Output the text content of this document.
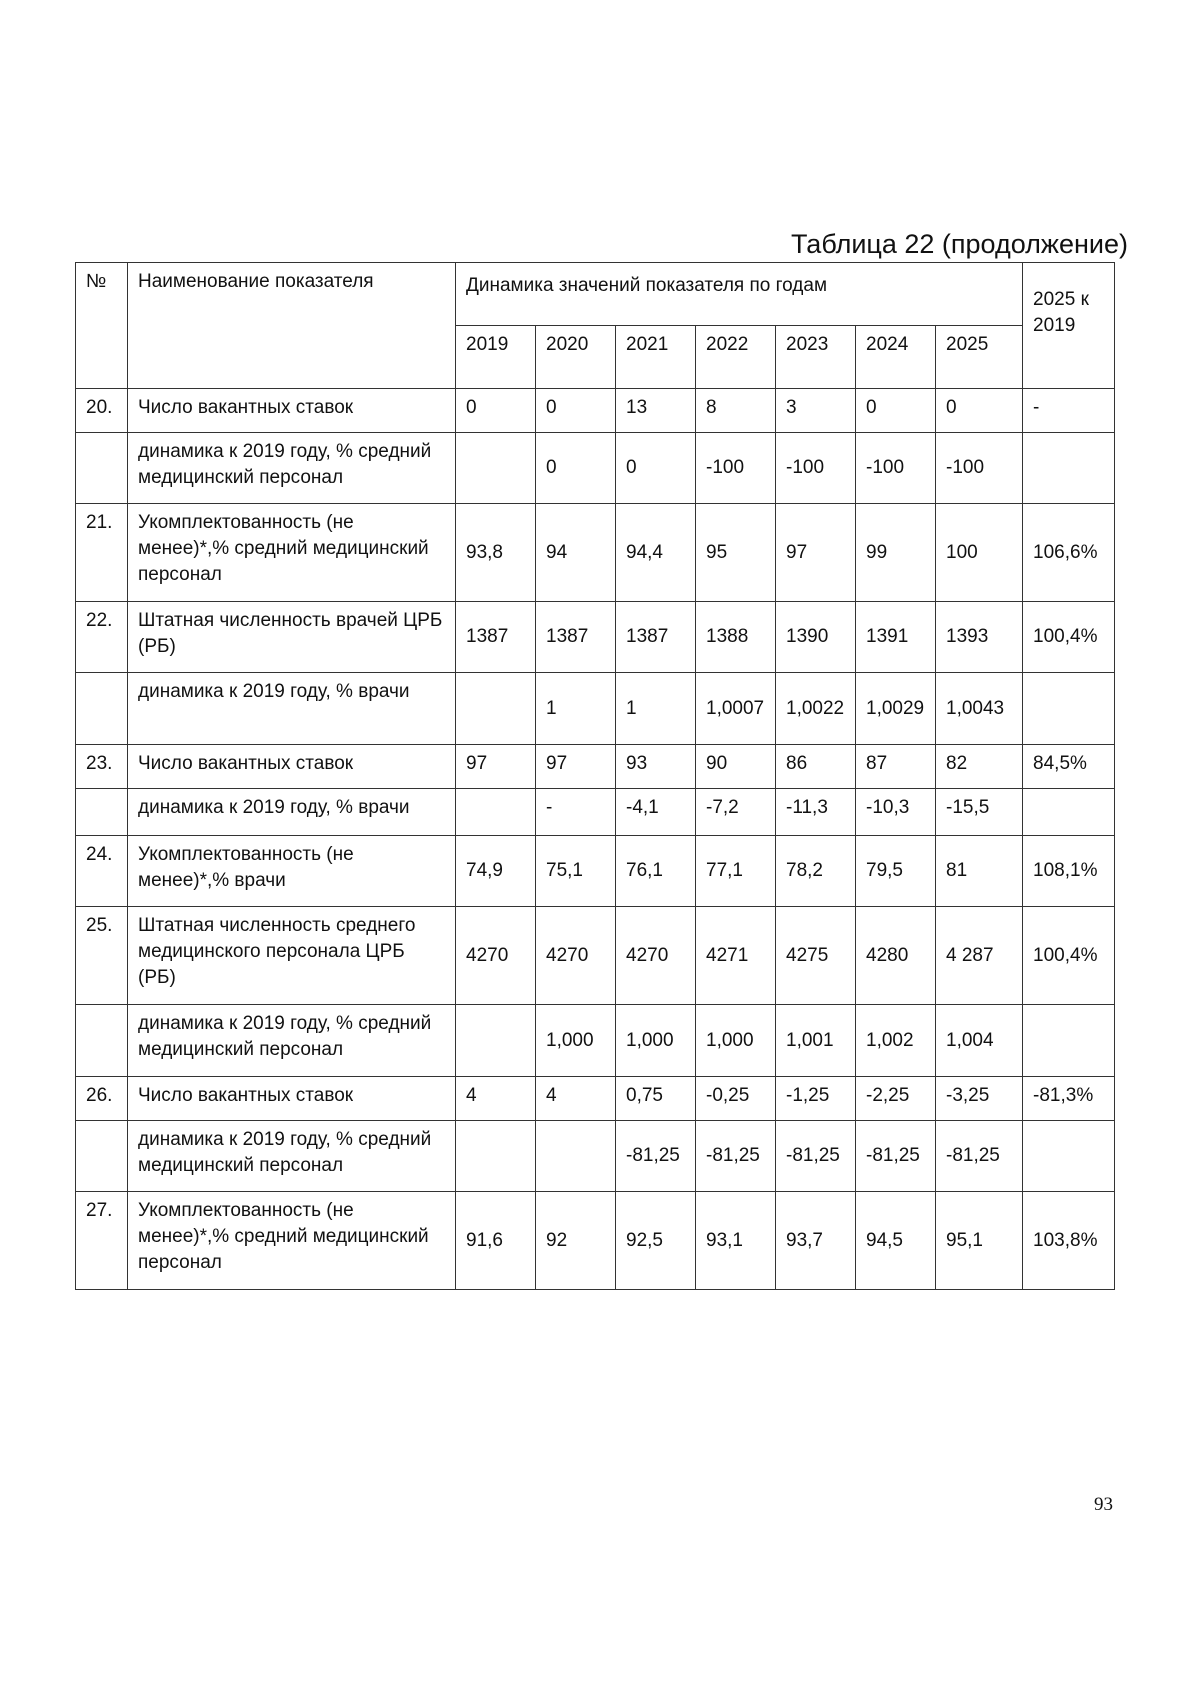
Таблица 22 (продолжение)
№	Наименование показателя	Динамика значений показателя по годам							2025 к 2019
		2019	2020	2021	2022	2023	2024	2025	
20.	Число вакантных ставок	0	0	13	8	3	0	0	-
	динамика к 2019 году, % средний медицинский персонал		0	0	-100	-100	-100	-100	
21.	Укомплектованность (не менее)*,% средний медицинский персонал	93,8	94	94,4	95	97	99	100	106,6%
22.	Штатная численность врачей ЦРБ (РБ)	1387	1387	1387	1388	1390	1391	1393	100,4%
	динамика к 2019 году, % врачи		1	1	1,0007	1,0022	1,0029	1,0043	
23.	Число вакантных ставок	97	97	93	90	86	87	82	84,5%
	динамика к 2019 году, % врачи		-	-4,1	-7,2	-11,3	-10,3	-15,5	
24.	Укомплектованность (не менее)*,% врачи	74,9	75,1	76,1	77,1	78,2	79,5	81	108,1%
25.	Штатная численность среднего медицинского персонала ЦРБ (РБ)	4270	4270	4270	4271	4275	4280	4 287	100,4%
	динамика к 2019 году, % средний медицинский персонал		1,000	1,000	1,000	1,001	1,002	1,004	
26.	Число вакантных ставок	4	4	0,75	-0,25	-1,25	-2,25	-3,25	-81,3%
	динамика к 2019 году, % средний медицинский персонал			-81,25	-81,25	-81,25	-81,25	-81,25	
27.	Укомплектованность (не менее)*,% средний медицинский персонал	91,6	92	92,5	93,1	93,7	94,5	95,1	103,8%
93
